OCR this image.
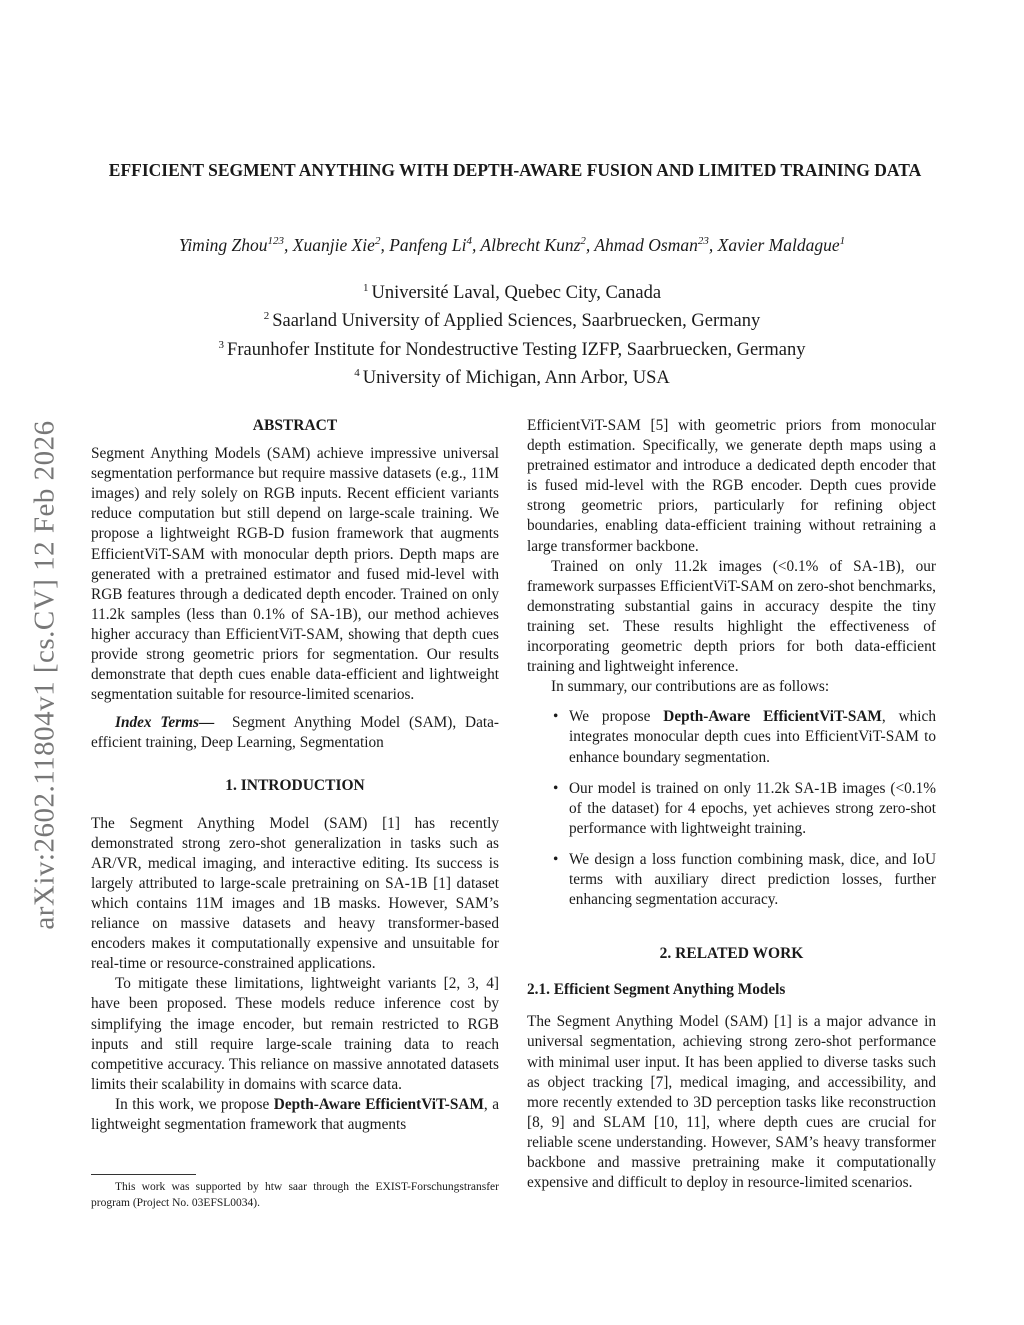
arXiv:2602.11804v1 [cs.CV] 12 Feb 2026
EFFICIENT SEGMENT ANYTHING WITH DEPTH-AWARE FUSION AND LIMITED TRAINING DATA

Yiming Zhou$^{123}$, Xuanjie Xie$^2$, Panfeng Li$^4$, Albrecht Kunz$^2$, Ahmad Osman$^{23}$, Xavier Maldague$^1$

$^1$ Université Laval, Quebec City, Canada
$^2$ Saarland University of Applied Sciences, Saarbruecken, Germany
$^3$ Fraunhofer Institute for Nondestructive Testing IZFP, Saarbruecken, Germany
$^4$ University of Michigan, Ann Arbor, USA
ABSTRACT

Segment Anything Models (SAM) achieve impressive universal segmentation performance but require massive datasets (e.g., 11M images) and rely solely on RGB inputs. Recent efficient variants reduce computation but still depend on large-scale training. We propose a lightweight RGB-D fusion framework that augments EfficientViT-SAM with monocular depth priors. Depth maps are generated with a pretrained estimator and fused mid-level with RGB features through a dedicated depth encoder. Trained on only 11.2k samples (less than 0.1% of SA-1B), our method achieves higher accuracy than EfficientViT-SAM, showing that depth cues provide strong geometric priors for segmentation. Our results demonstrate that depth cues enable data-efficient and lightweight segmentation suitable for resource-limited scenarios.

Index Terms— Segment Anything Model (SAM), Data-efficient training, Deep Learning, Segmentation

1. INTRODUCTION

The Segment Anything Model (SAM) [1] has recently demonstrated strong zero-shot generalization in tasks such as AR/VR, medical imaging, and interactive editing. Its success is largely attributed to large-scale pretraining on SA-1B [1] dataset which contains 11M images and 1B masks. However, SAM’s reliance on massive datasets and heavy transformer-based encoders makes it computationally expensive and unsuitable for real-time or resource-constrained applications.

To mitigate these limitations, lightweight variants [2, 3, 4] have been proposed. These models reduce inference cost by simplifying the image encoder, but remain restricted to RGB inputs and still require large-scale training data to reach competitive accuracy. This reliance on massive annotated datasets limits their scalability in domains with scarce data.

In this work, we propose Depth-Aware EfficientViT-SAM, a lightweight segmentation framework that augments

This work was supported by htw saar through the EXIST-Forschungstransfer program (Project No. 03EFSL0034).

EfficientViT-SAM [5] with geometric priors from monocular depth estimation. Specifically, we generate depth maps using a pretrained estimator and introduce a dedicated depth encoder that is fused mid-level with the RGB encoder. Depth cues provide strong geometric priors, particularly for refining object boundaries, enabling data-efficient training without retraining a large transformer backbone.

Trained on only 11.2k images (<0.1% of SA-1B), our framework surpasses EfficientViT-SAM on zero-shot benchmarks, demonstrating substantial gains in accuracy despite the tiny training set. These results highlight the effectiveness of incorporating geometric depth priors for both data-efficient training and lightweight inference.

In summary, our contributions are as follows:

• We propose Depth-Aware EfficientViT-SAM, which integrates monocular depth cues into EfficientViT-SAM to enhance boundary segmentation.
• Our model is trained on only 11.2k SA-1B images (<0.1% of the dataset) for 4 epochs, yet achieves strong zero-shot performance with lightweight training.
• We design a loss function combining mask, dice, and IoU terms with auxiliary direct prediction losses, further enhancing segmentation accuracy.
2. RELATED WORK
2.1. Efficient Segment Anything Models

The Segment Anything Model (SAM) [1] is a major advance in universal segmentation, achieving strong zero-shot performance with minimal user input. It has been applied to diverse tasks such as object tracking [7], medical imaging, and accessibility, and more recently extended to 3D perception tasks like reconstruction [8, 9] and SLAM [10, 11], where depth cues are crucial for reliable scene understanding. However, SAM’s heavy transformer backbone and massive pretraining make it computationally expensive and difficult to deploy in resource-limited scenarios.
